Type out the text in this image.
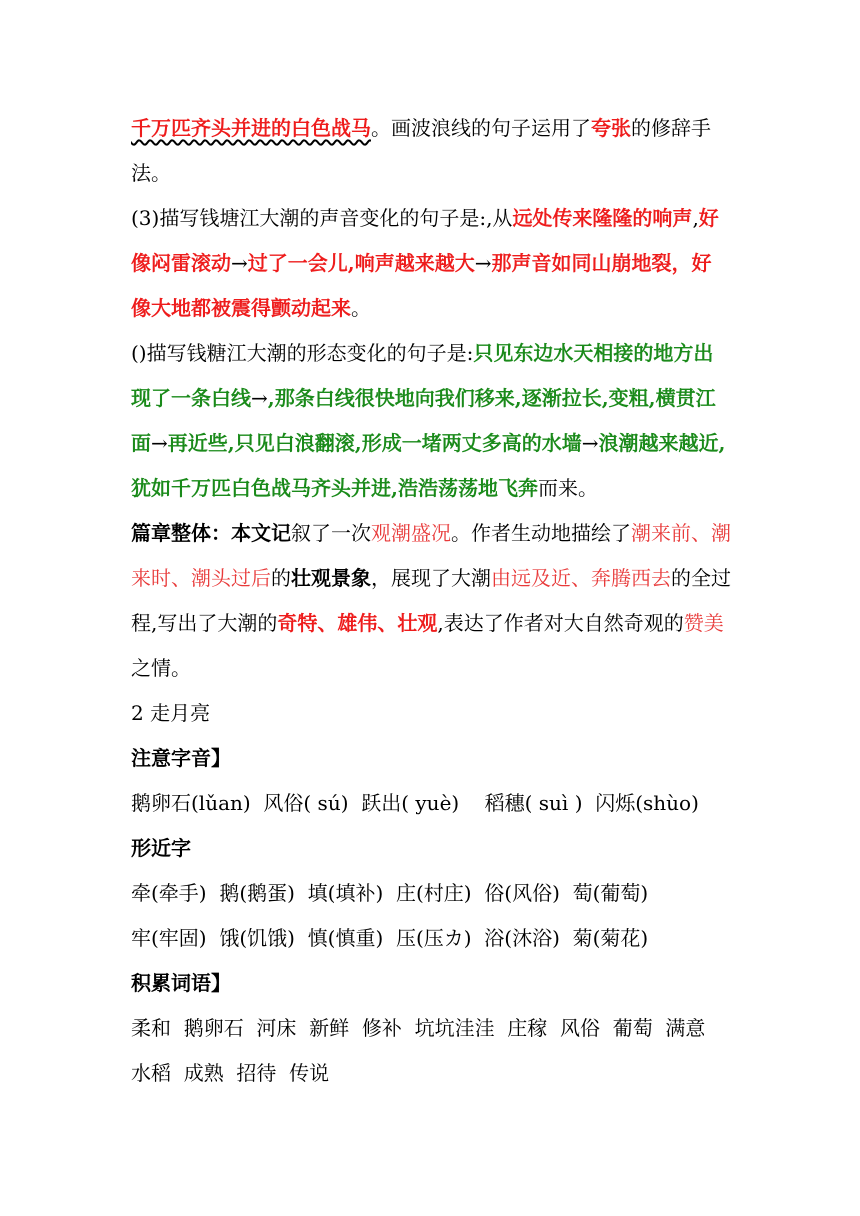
千万匹齐头并进的白色战马。画波浪线的句子运用了夸张的修辞手
法。
(3)描写钱塘江大潮的声音变化的句子是:,从远处传来隆隆的响声,好
像闷雷滚动→过了一会儿,响声越来越大→那声音如同山崩地裂，好
像大地都被震得颤动起来。
()描写钱糖江大潮的形态变化的句子是:只见东边水天相接的地方出
现了一条白线→,那条白线很快地向我们移来,逐渐拉长,变粗,横贯江
面→再近些,只见白浪翻滚,形成一堵两丈多高的水墙→浪潮越来越近,
犹如千万匹白色战马齐头并进,浩浩荡荡地飞奔而来。
篇章整体：本文记叙了一次观潮盛况。作者生动地描绘了潮来前、潮
来时、潮头过后的壮观景象，展现了大潮由远及近、奔腾西去的全过
程,写出了大潮的奇特、雄伟、壮观,表达了作者对大自然奇观的赞美
之情。
2 走月亮
注意字音】
鹅卵石(lǔan)  风俗( sú)  跃出( yuè)    稻穗( suì )  闪烁(shùo)
形近字
牵(牵手)  鹅(鹅蛋)  填(填补)  庄(村庄)  俗(风俗)  萄(葡萄)
牢(牢固)  饿(饥饿)  慎(慎重)  压(压カ)  浴(沐浴)  菊(菊花)
积累词语】
柔和  鹅卵石  河床  新鲜  修补  坑坑洼洼  庄稼  风俗  葡萄  满意
水稻  成熟  招待  传说
